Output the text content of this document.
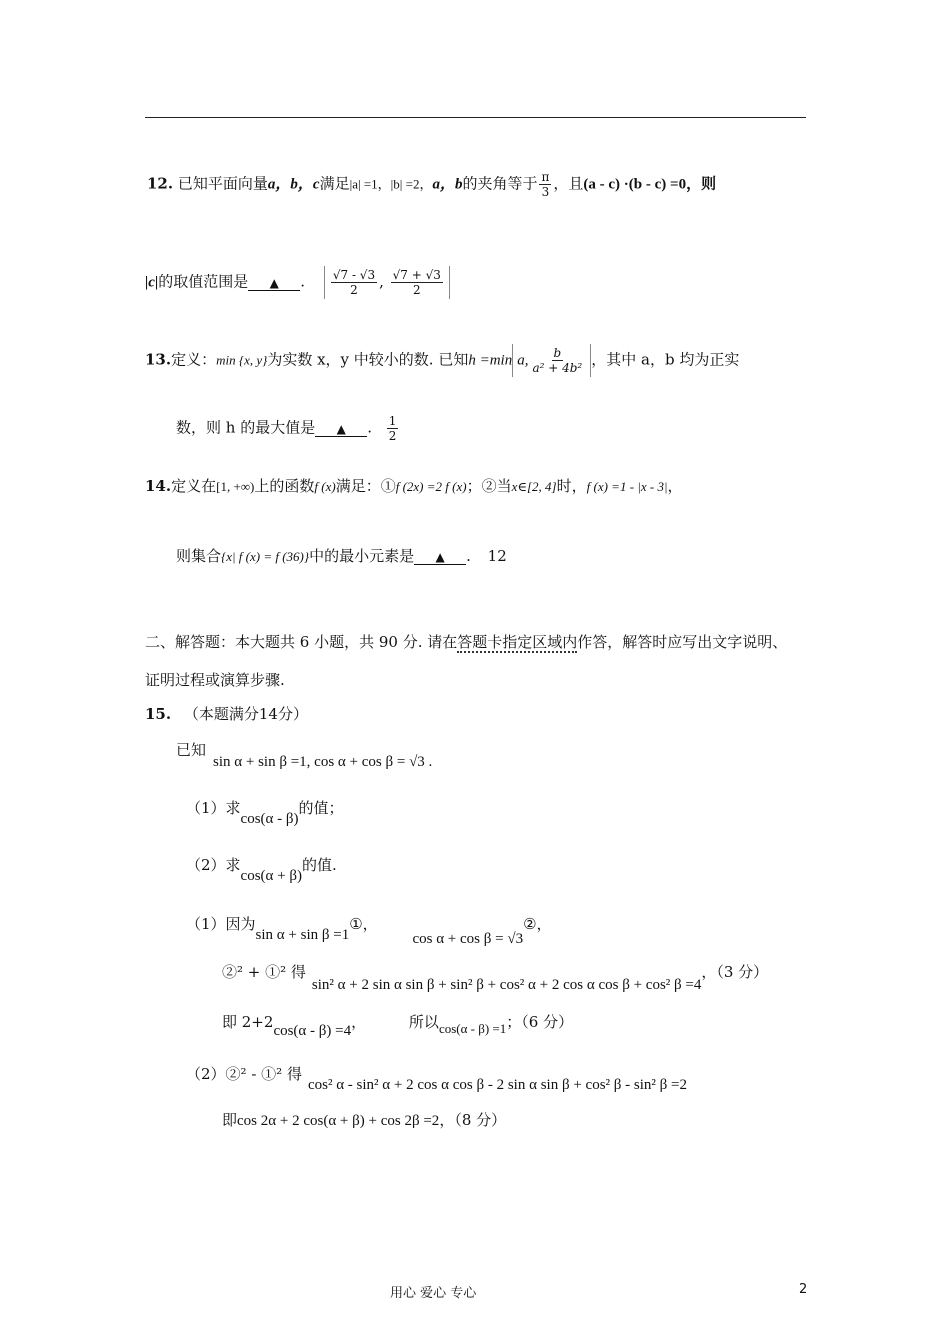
12. 已知平面向量a，b，c满足|a| =1，|b| =2，a，b的夹角等于 $\frac{\pi}{3}$ ，且(a - c) ·(b - c) =0，则
|c|的取值范围是 ▲ . $\frac{√7 - √3}{2}$ , $\frac{√7 + √3}{2}$
13.定义：min {x, y}为实数 x，y 中较小的数. 已知h =min a, $\frac{b}{\text{a² + 4b²}}$ ，其中 a，b 均为正实
数，则 h 的最大值是 ▲ . $\frac{1}{2}$
14.定义在[1, +∞)上的函数f (x)满足：①f (2x) =2 f (x)；②当x∈[2, 4]时，f (x) =1 - |x - 3|，
则集合{x| f (x) = f (36)}中的最小元素是 ▲ . 12
二、解答题：本大题共 6 小题，共 90 分. 请在答题卡指定区域内作答，解答时应写出文字说明、
证明过程或演算步骤.
15. （本题满分14分）
已知
sin α + sin β =1, cos α + cos β = √3 .
（1）求cos(α - β)的值；
（2）求cos(α + β)的值.
（1）因为sin α + sin β =1①， cos α + cos β = √3②，
②² + ①² 得sin² α + 2 sin α sin β + sin² β + cos² α + 2 cos α cos β + cos² β =4，（3 分）
即 2+2cos(α - β) =4，	所以cos(α - β) =1；（6 分）
（2）②² - ①² 得cos² α - sin² α + 2 cos α cos β - 2 sin α sin β + cos² β - sin² β =2
即cos 2α + 2 cos(α + β) + cos 2β =2，（8 分）
用心 爱心 专心	2
